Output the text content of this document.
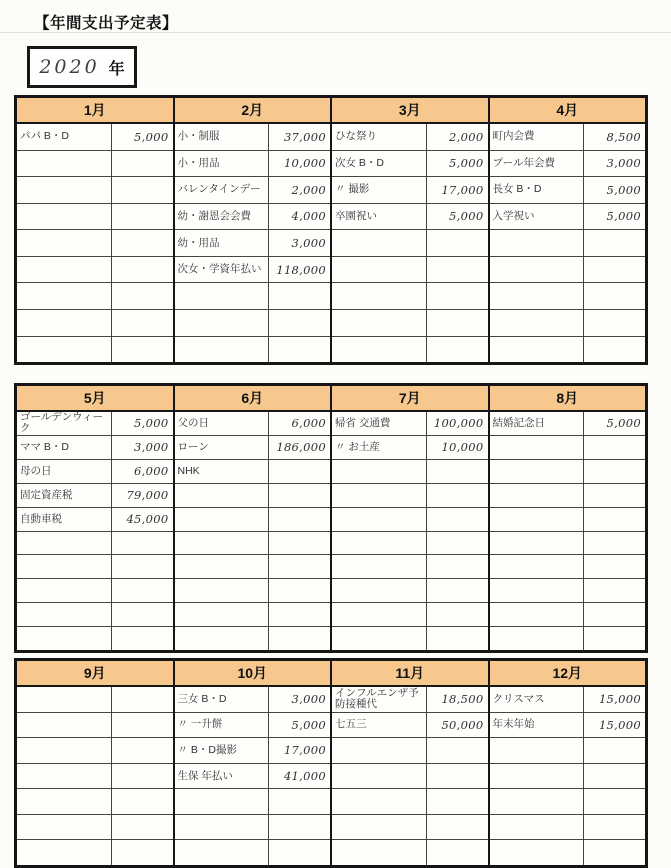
【年間支出予定表】
2020 年
1月
パパ B・D	5,000
2月
小・制服	37,000
小・用品	10,000
バレンタインデー	2,000
幼・謝恩会会費	4,000
幼・用品	3,000
次女・学資年払い	118,000
3月
ひな祭り	2,000
次女 B・D	5,000
〃 撮影	17,000
卒園祝い	5,000
4月
町内会費	8,500
プール年会費	3,000
長女 B・D	5,000
入学祝い	5,000
5月
ゴールデンウィーク	5,000
ママ B・D	3,000
母の日	6,000
固定資産税	79,000
自動車税	45,000
6月
父の日	6,000
ローン	186,000
NHK
7月
帰省 交通費	100,000
〃 お土産	10,000
8月
結婚記念日	5,000
9月	10月
三女 B・D	3,000
〃 一升餅	5,000
〃 B・D撮影	17,000
生保 年払い	41,000
11月
インフルエンザ予防接種代	18,500
七五三	50,000
12月
クリスマス	15,000
年末年始	15,000
